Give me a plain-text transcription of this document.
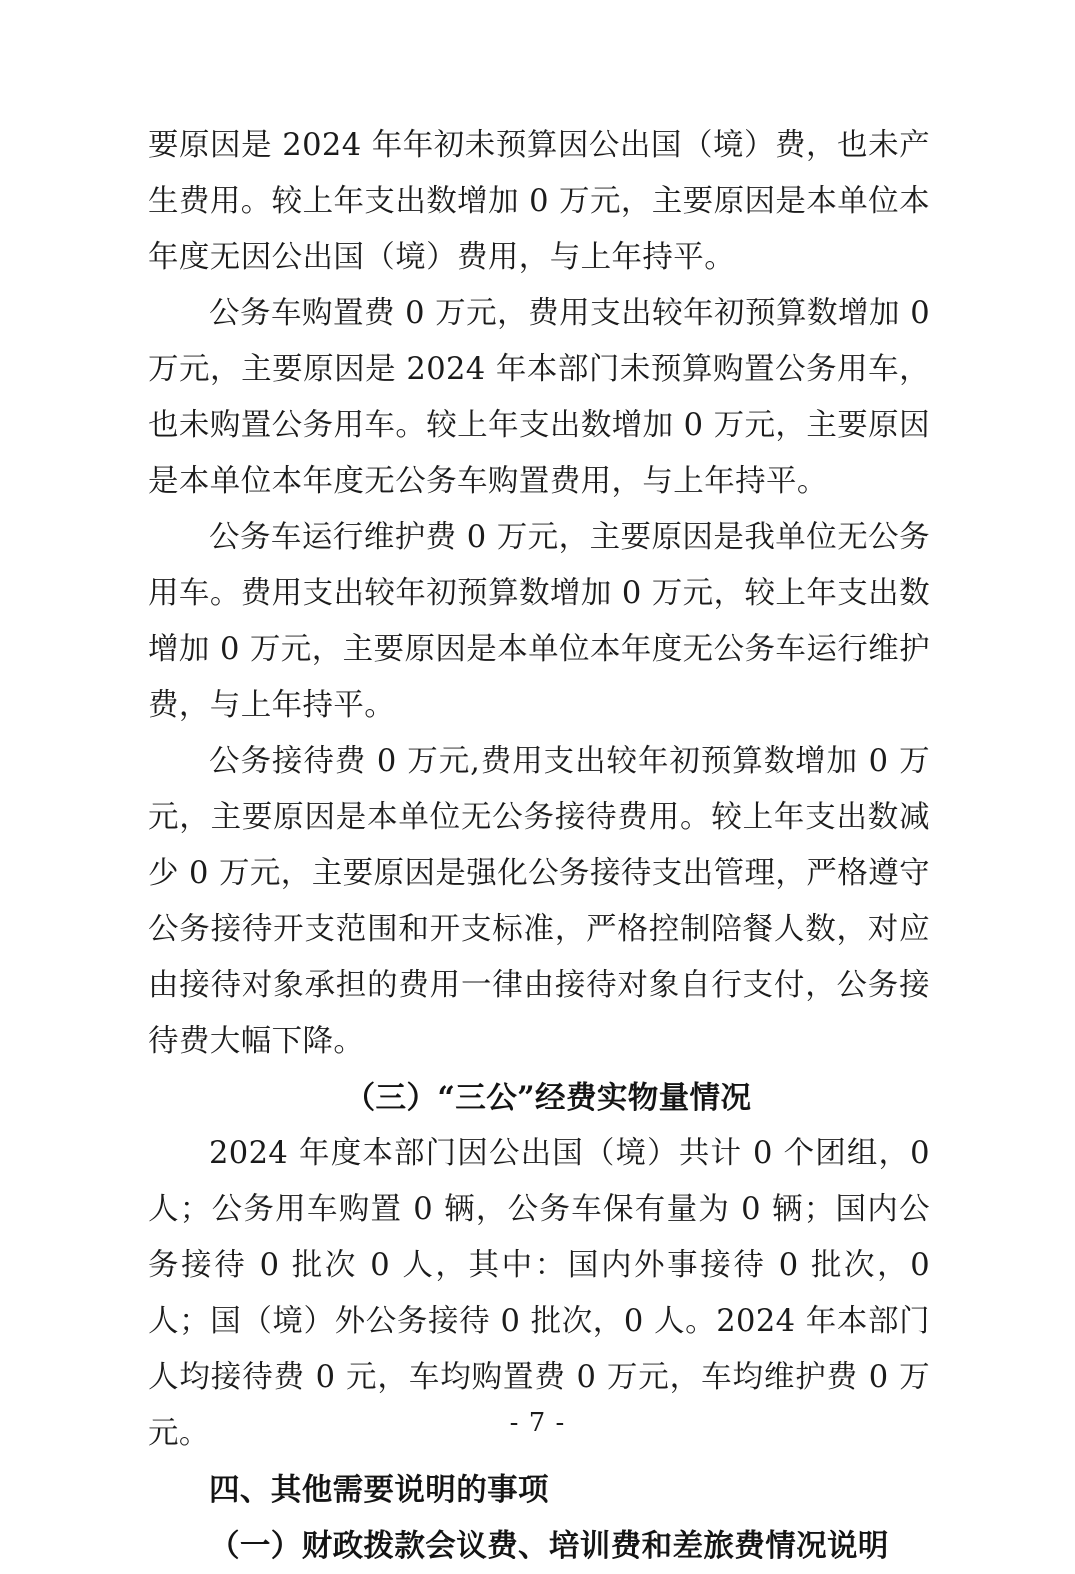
要原因是 2024 年年初未预算因公出国（境）费，也未产生费用。较上年支出数增加 0 万元，主要原因是本单位本年度无因公出国（境）费用，与上年持平。

公务车购置费 0 万元，费用支出较年初预算数增加 0 万元，主要原因是 2024 年本部门未预算购置公务用车，也未购置公务用车。较上年支出数增加 0 万元，主要原因是本单位本年度无公务车购置费用，与上年持平。

公务车运行维护费 0 万元，主要原因是我单位无公务用车。费用支出较年初预算数增加 0 万元，较上年支出数增加 0 万元，主要原因是本单位本年度无公务车运行维护费，与上年持平。

公务接待费 0 万元,费用支出较年初预算数增加 0 万元，主要原因是本单位无公务接待费用。较上年支出数减少 0 万元，主要原因是强化公务接待支出管理，严格遵守公务接待开支范围和开支标准，严格控制陪餐人数，对应由接待对象承担的费用一律由接待对象自行支付，公务接待费大幅下降。

（三）“三公”经费实物量情况

2024 年度本部门因公出国（境）共计 0 个团组，0 人；公务用车购置 0 辆，公务车保有量为 0 辆；国内公务接待 0 批次 0 人，其中：国内外事接待 0 批次，0 人；国（境）外公务接待 0 批次，0 人。2024 年本部门人均接待费 0 元，车均购置费 0 万元，车均维护费 0 万元。

四、其他需要说明的事项
（一）财政拨款会议费、培训费和差旅费情况说明
- 7 -
